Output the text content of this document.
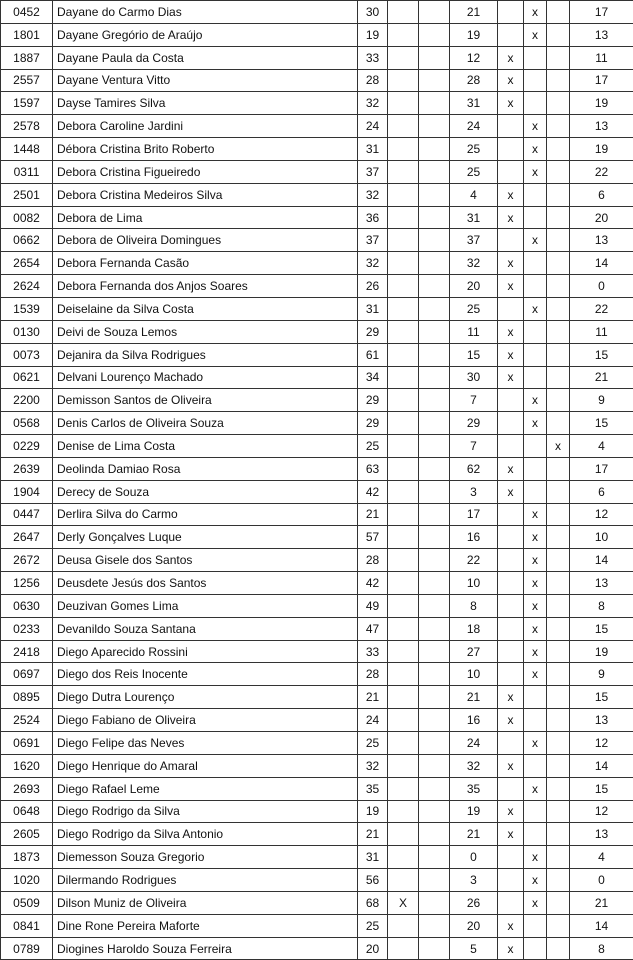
0452	Dayane do Carmo Dias	30			21		x		17
1801	Dayane Gregório de Araújo	19			19		x		13
1887	Dayane Paula da Costa	33			12	x			11
2557	Dayane Ventura Vitto	28			28	x			17
1597	Dayse Tamires Silva	32			31	x			19
2578	Debora Caroline Jardini	24			24		x		13
1448	Débora Cristina Brito Roberto	31			25		x		19
0311	Debora Cristina Figueiredo	37			25		x		22
2501	Debora Cristina Medeiros Silva	32			4	x			6
0082	Debora de Lima	36			31	x			20
0662	Debora de Oliveira Domingues	37			37		x		13
2654	Debora Fernanda Casão	32			32	x			14
2624	Debora Fernanda dos Anjos Soares	26			20	x			0
1539	Deiselaine da Silva Costa	31			25		x		22
0130	Deivi de Souza Lemos	29			11	x			11
0073	Dejanira da Silva Rodrigues	61			15	x			15
0621	Delvani Lourenço Machado	34			30	x			21
2200	Demisson Santos de Oliveira	29			7		x		9
0568	Denis Carlos de Oliveira Souza	29			29		x		15
0229	Denise de Lima Costa	25			7			x	4
2639	Deolinda Damiao Rosa	63			62	x			17
1904	Derecy de Souza	42			3	x			6
0447	Derlira Silva do Carmo	21			17		x		12
2647	Derly Gonçalves Luque	57			16		x		10
2672	Deusa Gisele dos Santos	28			22		x		14
1256	Deusdete Jesús dos Santos	42			10		x		13
0630	Deuzivan Gomes Lima	49			8		x		8
0233	Devanildo Souza Santana	47			18		x		15
2418	Diego Aparecido Rossini	33			27		x		19
0697	Diego dos Reis Inocente	28			10		x		9
0895	Diego Dutra Lourenço	21			21	x			15
2524	Diego Fabiano de Oliveira	24			16	x			13
0691	Diego Felipe das Neves	25			24		x		12
1620	Diego Henrique do Amaral	32			32	x			14
2693	Diego Rafael Leme	35			35		x		15
0648	Diego Rodrigo da Silva	19			19	x			12
2605	Diego Rodrigo da Silva Antonio	21			21	x			13
1873	Diemesson Souza Gregorio	31			0		x		4
1020	Dilermando Rodrigues	56			3		x		0
0509	Dilson Muniz de Oliveira	68	X		26		x		21
0841	Dine Rone Pereira Maforte	25			20	x			14
0789	Diogines Haroldo Souza Ferreira	20			5	x			8
